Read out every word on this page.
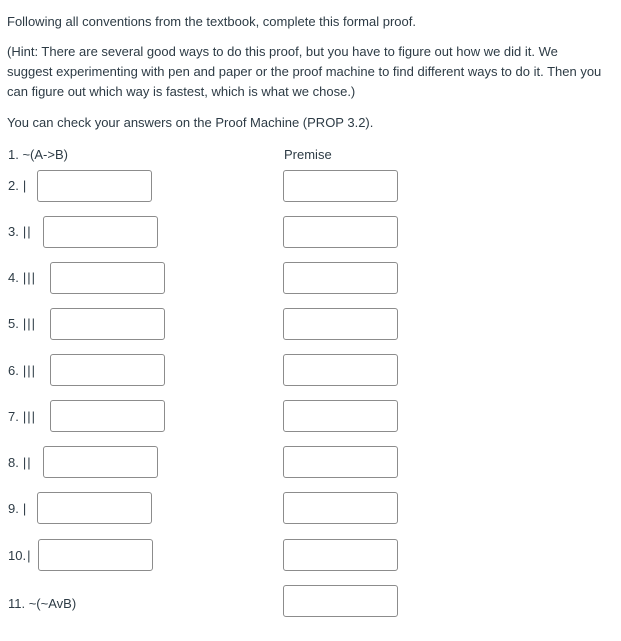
Following all conventions from the textbook, complete this formal proof.

(Hint: There are several good ways to do this proof, but you have to figure out how we did it. We suggest experimenting with pen and paper or the proof machine to find different ways to do it. Then you can figure out which way is fastest, which is what we chose.)

You can check your answers on the Proof Machine (PROP 3.2).

1. ~(A->B)	Premise
2. |
3. ||
4. |||
5. |||
6. |||
7. |||
8. ||
9. |
10.|
11. ~(~AvB)
